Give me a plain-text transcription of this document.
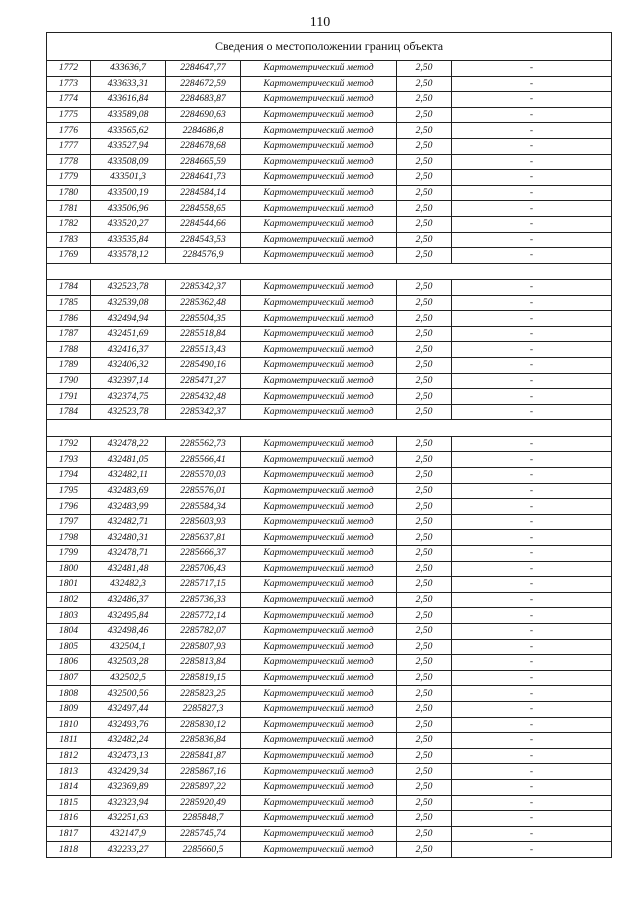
110
Сведения о местоположении границ объекта
1772	433636,7	2284647,77	Картометрический метод	2,50	-
1773	433633,31	2284672,59	Картометрический метод	2,50	-
1774	433616,84	2284683,87	Картометрический метод	2,50	-
1775	433589,08	2284690,63	Картометрический метод	2,50	-
1776	433565,62	2284686,8	Картометрический метод	2,50	-
1777	433527,94	2284678,68	Картометрический метод	2,50	-
1778	433508,09	2284665,59	Картометрический метод	2,50	-
1779	433501,3	2284641,73	Картометрический метод	2,50	-
1780	433500,19	2284584,14	Картометрический метод	2,50	-
1781	433506,96	2284558,65	Картометрический метод	2,50	-
1782	433520,27	2284544,66	Картометрический метод	2,50	-
1783	433535,84	2284543,53	Картометрический метод	2,50	-
1769	433578,12	2284576,9	Картометрический метод	2,50	-

1784	432523,78	2285342,37	Картометрический метод	2,50	-
1785	432539,08	2285362,48	Картометрический метод	2,50	-
1786	432494,94	2285504,35	Картометрический метод	2,50	-
1787	432451,69	2285518,84	Картометрический метод	2,50	-
1788	432416,37	2285513,43	Картометрический метод	2,50	-
1789	432406,32	2285490,16	Картометрический метод	2,50	-
1790	432397,14	2285471,27	Картометрический метод	2,50	-
1791	432374,75	2285432,48	Картометрический метод	2,50	-
1784	432523,78	2285342,37	Картометрический метод	2,50	-

1792	432478,22	2285562,73	Картометрический метод	2,50	-
1793	432481,05	2285566,41	Картометрический метод	2,50	-
1794	432482,11	2285570,03	Картометрический метод	2,50	-
1795	432483,69	2285576,01	Картометрический метод	2,50	-
1796	432483,99	2285584,34	Картометрический метод	2,50	-
1797	432482,71	2285603,93	Картометрический метод	2,50	-
1798	432480,31	2285637,81	Картометрический метод	2,50	-
1799	432478,71	2285666,37	Картометрический метод	2,50	-
1800	432481,48	2285706,43	Картометрический метод	2,50	-
1801	432482,3	2285717,15	Картометрический метод	2,50	-
1802	432486,37	2285736,33	Картометрический метод	2,50	-
1803	432495,84	2285772,14	Картометрический метод	2,50	-
1804	432498,46	2285782,07	Картометрический метод	2,50	-
1805	432504,1	2285807,93	Картометрический метод	2,50	-
1806	432503,28	2285813,84	Картометрический метод	2,50	-
1807	432502,5	2285819,15	Картометрический метод	2,50	-
1808	432500,56	2285823,25	Картометрический метод	2,50	-
1809	432497,44	2285827,3	Картометрический метод	2,50	-
1810	432493,76	2285830,12	Картометрический метод	2,50	-
1811	432482,24	2285836,84	Картометрический метод	2,50	-
1812	432473,13	2285841,87	Картометрический метод	2,50	-
1813	432429,34	2285867,16	Картометрический метод	2,50	-
1814	432369,89	2285897,22	Картометрический метод	2,50	-
1815	432323,94	2285920,49	Картометрический метод	2,50	-
1816	432251,63	2285848,7	Картометрический метод	2,50	-
1817	432147,9	2285745,74	Картометрический метод	2,50	-
1818	432233,27	2285660,5	Картометрический метод	2,50	-
